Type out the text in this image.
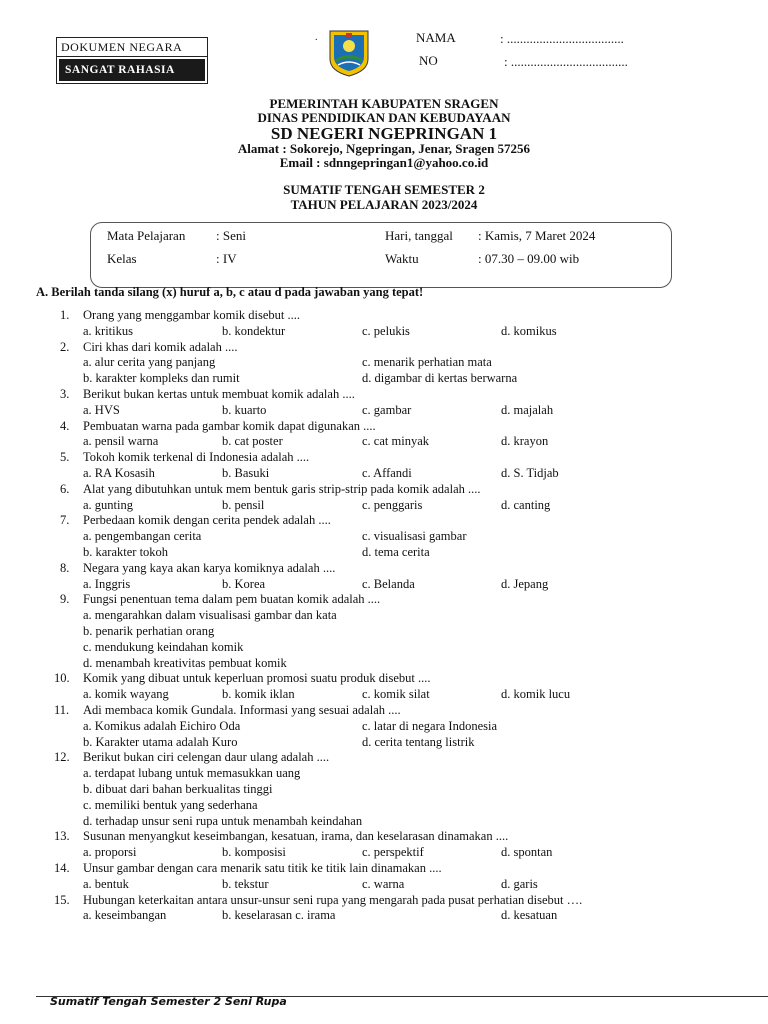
DOKUMEN NEGARA
SANGAT RAHASIA
.	NAMA	: ....................................
NO	: ....................................
PEMERINTAH KABUPATEN SRAGEN
DINAS PENDIDIKAN DAN KEBUDAYAAN
SD NEGERI NGEPRINGAN 1
Alamat : Sokorejo, Ngepringan, Jenar, Sragen 57256
Email : sdnngepringan1@yahoo.co.id
SUMATIF TENGAH SEMESTER 2
TAHUN PELAJARAN 2023/2024
Mata Pelajaran : Seni	Hari, tanggal : Kamis, 7 Maret 2024
Kelas	: IV	Waktu	: 07.30 – 09.00 wib
A. Berilah tanda silang (x) huruf a, b, c atau d pada jawaban yang tepat!
1. Orang yang menggambar komik disebut ....
a. kritikus	b. kondektur	c. pelukis	d. komikus
2. Ciri khas dari komik adalah ....
a. alur cerita yang panjang	c. menarik perhatian mata
b. karakter kompleks dan rumit	d. digambar di kertas berwarna
3. Berikut bukan kertas untuk membuat komik adalah ....
a. HVS	b. kuarto	c. gambar	d. majalah
4. Pembuatan warna pada gambar komik dapat digunakan ....
a. pensil warna	b. cat poster	c. cat minyak	d. krayon
5. Tokoh komik terkenal di Indonesia adalah ....
a. RA Kosasih	b. Basuki	c. Affandi	d. S. Tidjab
6. Alat yang dibutuhkan untuk mem bentuk garis strip-strip pada komik adalah ....
a. gunting	b. pensil	c. penggaris	d. canting
7. Perbedaan komik dengan cerita pendek adalah ....
a. pengembangan cerita	c. visualisasi gambar
b. karakter tokoh	d. tema cerita
8. Negara yang kaya akan karya komiknya adalah ....
a. Inggris	b. Korea	c. Belanda	d. Jepang
9. Fungsi penentuan tema dalam pem buatan komik adalah ....
a. mengarahkan dalam visualisasi gambar dan kata
b. penarik perhatian orang
c. mendukung keindahan komik
d. menambah kreativitas pembuat komik
10. Komik yang dibuat untuk keperluan promosi suatu produk disebut ....
a. komik wayang	b. komik iklan	c. komik silat	d. komik lucu
11. Adi membaca komik Gundala. Informasi yang sesuai adalah ....
a. Komikus adalah Eichiro Oda	c. latar di negara Indonesia
b. Karakter utama adalah Kuro	d. cerita tentang listrik
12. Berikut bukan ciri celengan daur ulang adalah ....
a. terdapat lubang untuk memasukkan uang
b. dibuat dari bahan berkualitas tinggi
c. memiliki bentuk yang sederhana
d. terhadap unsur seni rupa untuk menambah keindahan
13. Susunan menyangkut keseimbangan, kesatuan, irama, dan keselarasan dinamakan ....
a. proporsi	b. komposisi	c. perspektif	d. spontan
14. Unsur gambar dengan cara menarik satu titik ke titik lain dinamakan ....
a. bentuk	b. tekstur	c. warna	d. garis
15. Hubungan keterkaitan antara unsur-unsur seni rupa yang mengarah pada pusat perhatian disebut ….
a. keseimbangan	b. keselarasan c. irama	d. kesatuan
Sumatif Tengah Semester 2 Seni Rupa
